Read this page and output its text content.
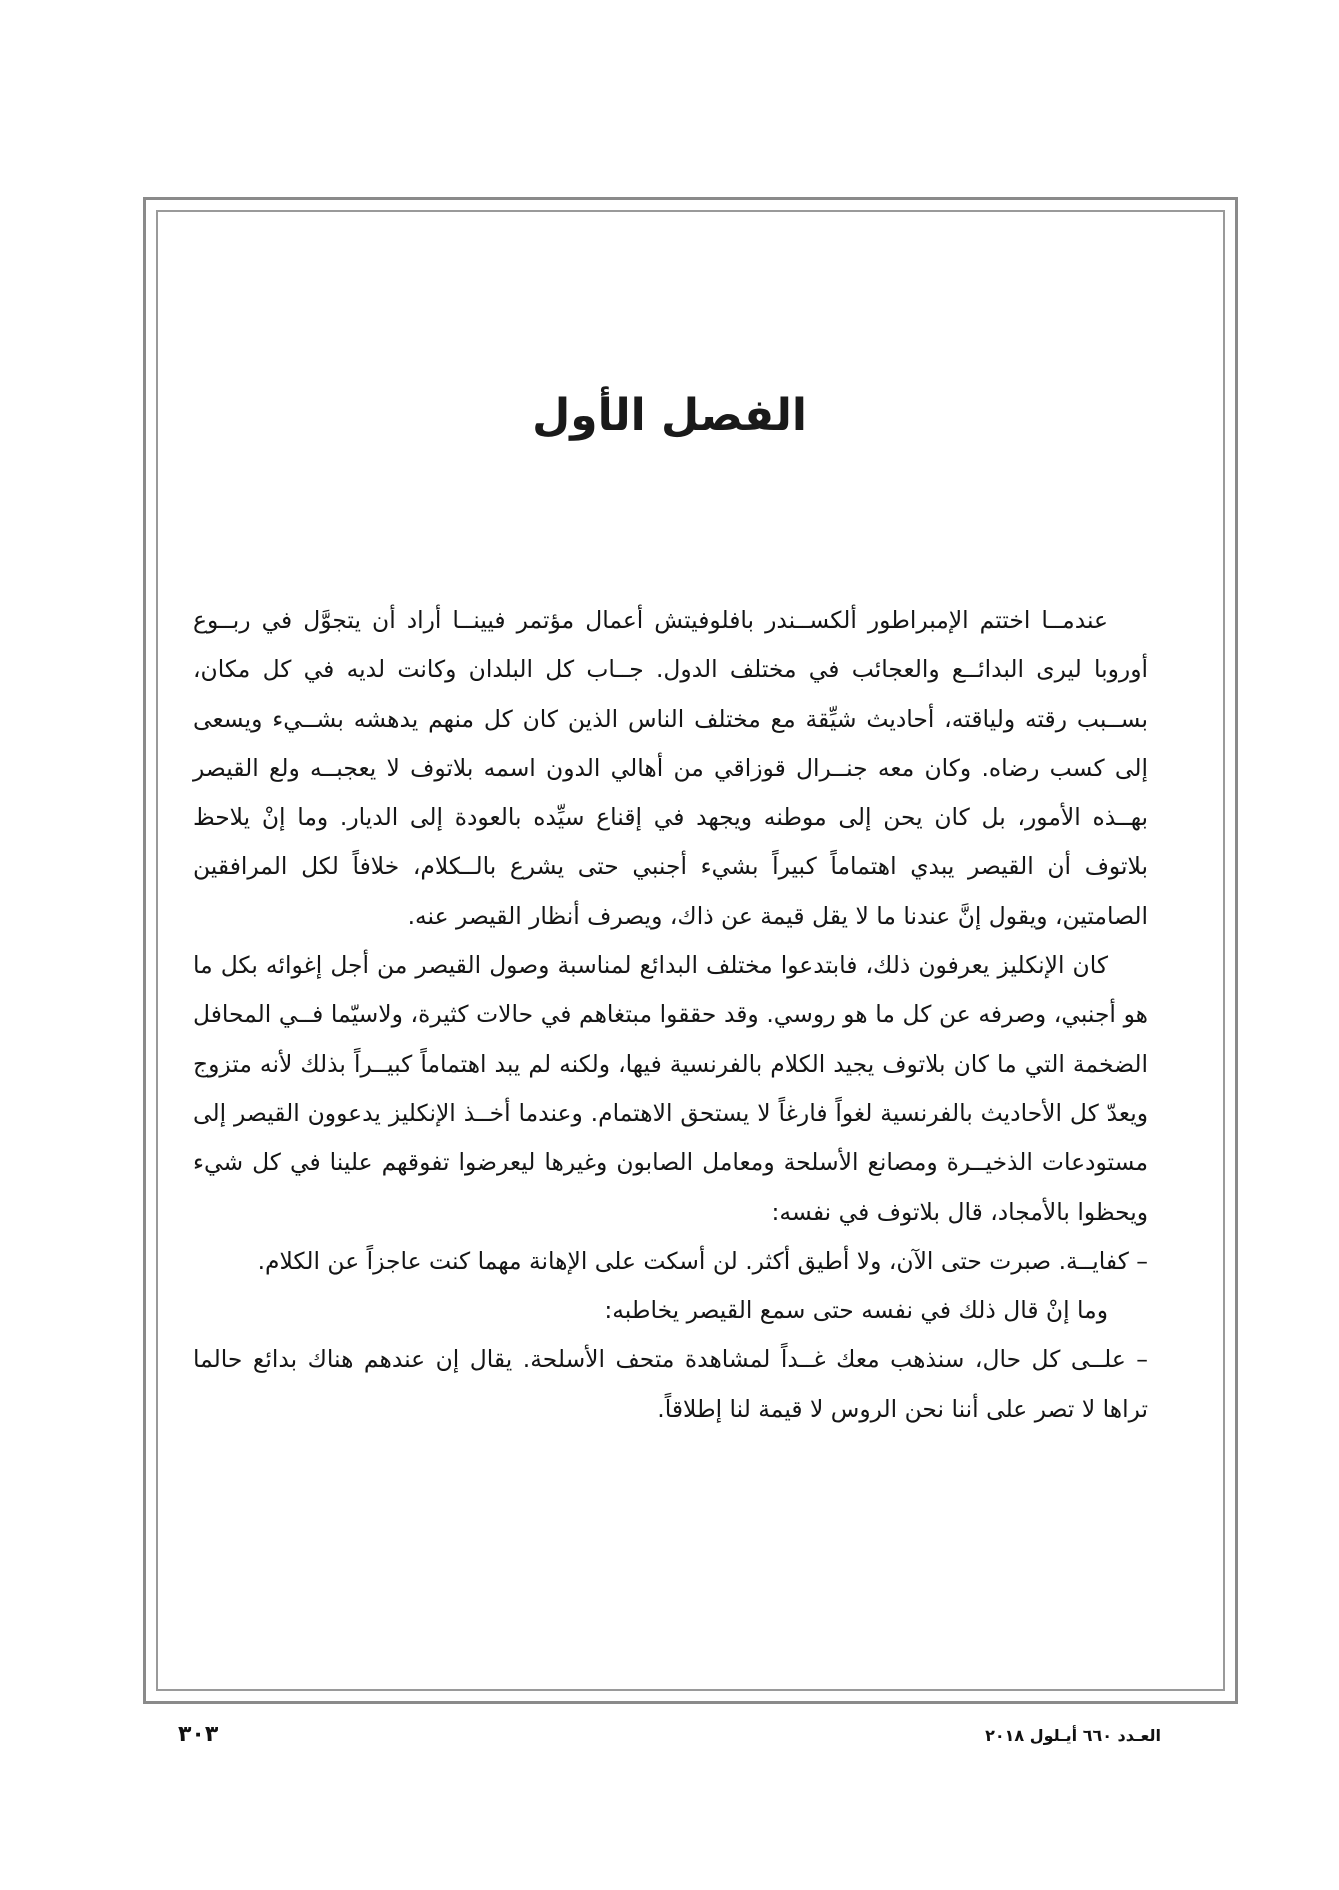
الفصل الأول

عندمــا اختتم الإمبراطور ألكســندر بافلوفيتش أعمال مؤتمر فيينــا أراد أن يتجوَّل في ربــوع أوروبا ليرى البدائــع والعجائب في مختلف الدول. جــاب كل البلدان وكانت لديه في كل مكان، بســبب رقته ولياقته، أحاديث شيِّقة مع مختلف الناس الذين كان كل منهم يدهشه بشــيء ويسعى إلى كسب رضاه. وكان معه جنــرال قوزاقي من أهالي الدون اسمه بلاتوف لا يعجبــه ولع القيصر بهــذه الأمور، بل كان يحن إلى موطنه ويجهد في إقناع سيِّده بالعودة إلى الديار. وما إنْ يلاحظ بلاتوف أن القيصر يبدي اهتماماً كبيراً بشيء أجنبي حتى يشرع بالــكلام، خلافاً لكل المرافقين الصامتين، ويقول إنَّ عندنا ما لا يقل قيمة عن ذاك، ويصرف أنظار القيصر عنه.

كان الإنكليز يعرفون ذلك، فابتدعوا مختلف البدائع لمناسبة وصول القيصر من أجل إغوائه بكل ما هو أجنبي، وصرفه عن كل ما هو روسي. وقد حققوا مبتغاهم في حالات كثيرة، ولاسيّما فــي المحافل الضخمة التي ما كان بلاتوف يجيد الكلام بالفرنسية فيها، ولكنه لم يبد اهتماماً كبيــراً بذلك لأنه متزوج ويعدّ كل الأحاديث بالفرنسية لغواً فارغاً لا يستحق الاهتمام. وعندما أخــذ الإنكليز يدعوون القيصر إلى مستودعات الذخيــرة ومصانع الأسلحة ومعامل الصابون وغيرها ليعرضوا تفوقهم علينا في كل شيء ويحظوا بالأمجاد، قال بلاتوف في نفسه:

– كفايــة. صبرت حتى الآن، ولا أطيق أكثر. لن أسكت على الإهانة مهما كنت عاجزاً عن الكلام.

وما إنْ قال ذلك في نفسه حتى سمع القيصر يخاطبه:

– علــى كل حال، سنذهب معك غــداً لمشاهدة متحف الأسلحة. يقال إن عندهم هناك بدائع حالما تراها لا تصر على أننا نحن الروس لا قيمة لنا إطلاقاً.

٣٠٣	العـدد ٦٦٠ أيـلول ٢٠١٨
